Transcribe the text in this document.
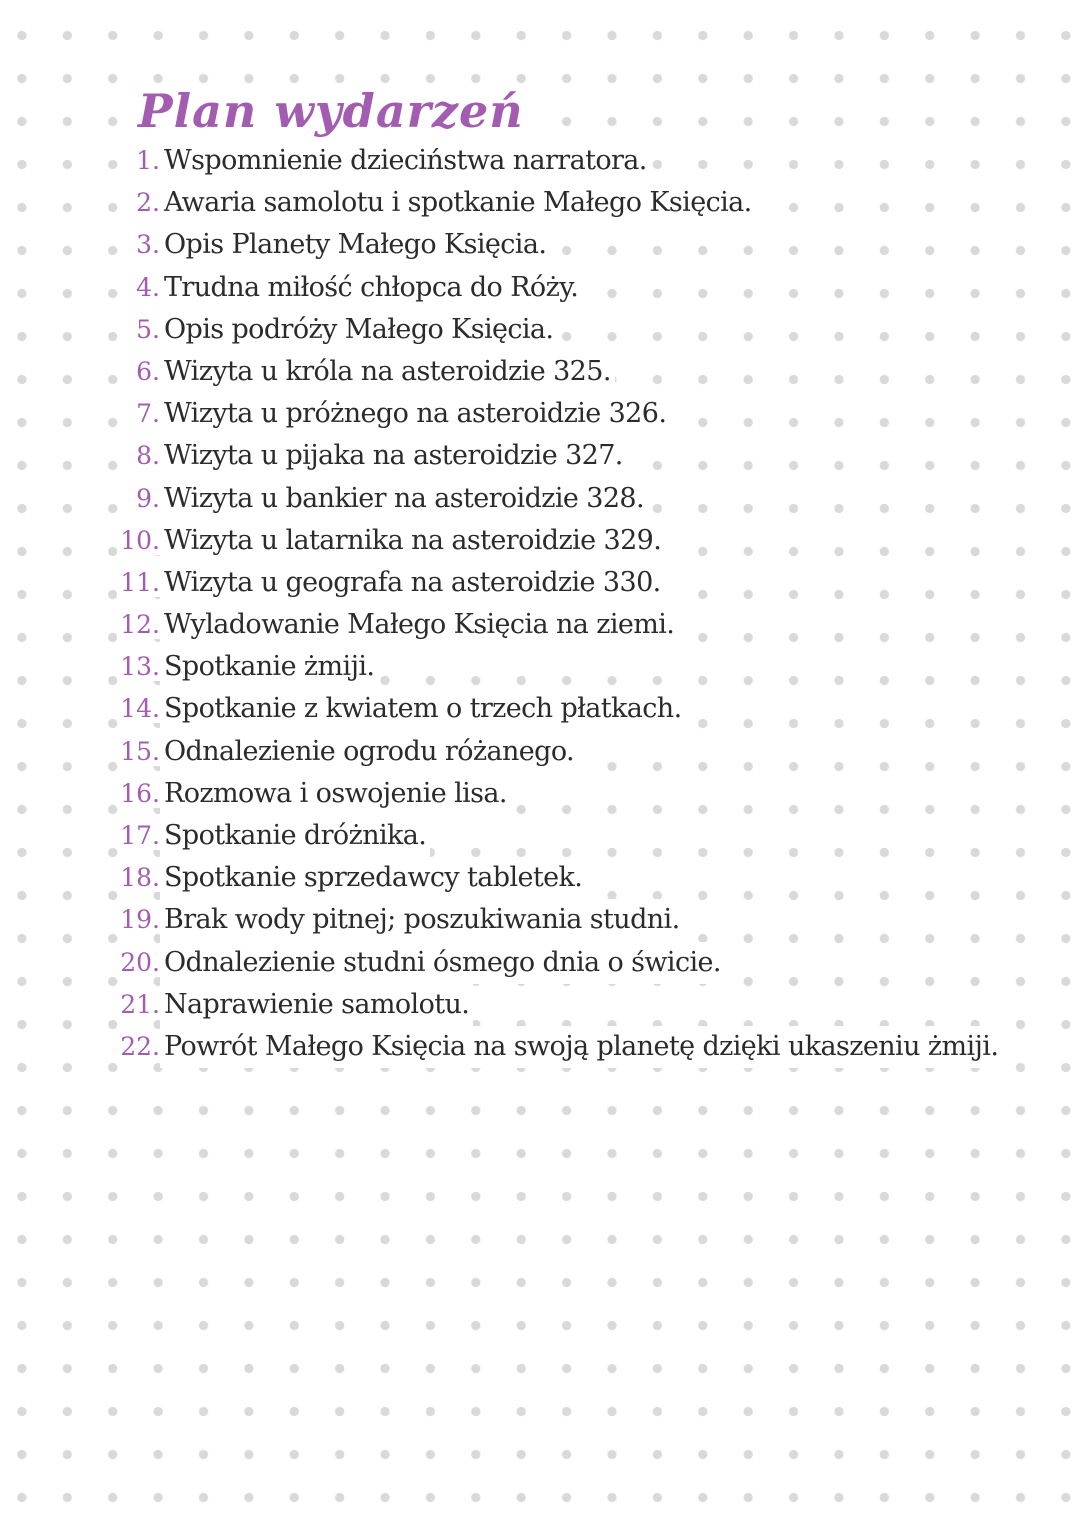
Plan wydarzeń
1. Wspomnienie dzieciństwa narratora.
2. Awaria samolotu i spotkanie Małego Księcia.
3. Opis Planety Małego Księcia.
4. Trudna miłość chłopca do Róży.
5. Opis podróży Małego Księcia.
6. Wizyta u króla na asteroidzie 325.
7. Wizyta u próżnego na asteroidzie 326.
8. Wizyta u pijaka na asteroidzie 327.
9. Wizyta u bankier na asteroidzie 328.
10. Wizyta u latarnika na asteroidzie 329.
11. Wizyta u geografa na asteroidzie 330.
12. Wyladowanie Małego Księcia na ziemi.
13. Spotkanie żmiji.
14. Spotkanie z kwiatem o trzech płatkach.
15. Odnalezienie ogrodu różanego.
16. Rozmowa i oswojenie lisa.
17. Spotkanie dróżnika.
18. Spotkanie sprzedawcy tabletek.
19. Brak wody pitnej; poszukiwania studni.
20. Odnalezienie studni ósmego dnia o świcie.
21. Naprawienie samolotu.
22. Powrót Małego Księcia na swoją planetę dzięki ukaszeniu żmiji.
